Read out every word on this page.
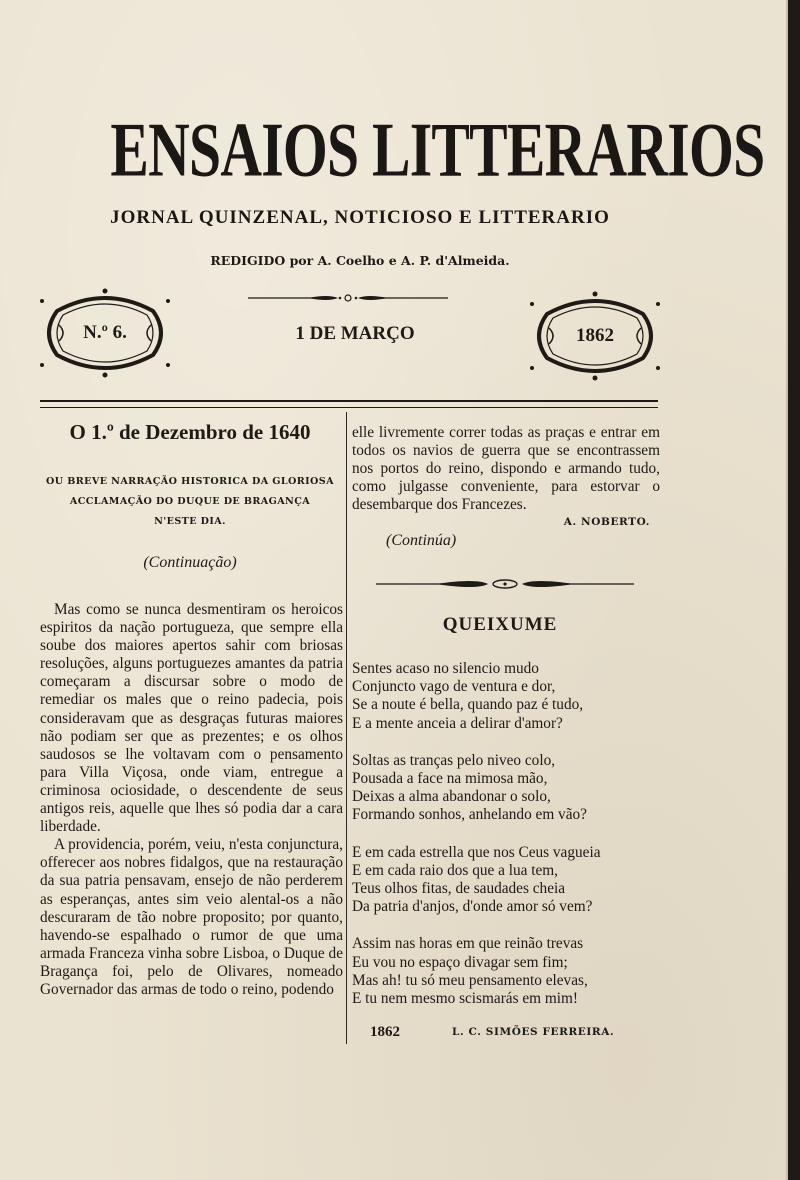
ENSAIOS LITTERARIOS
JORNAL QUINZENAL, NOTICIOSO E LITTERARIO
REDIGIDO por A. Coelho e A. P. d'Almeida.
N.º 6.	1 DE MARÇO	1862
O 1.º de Dezembro de 1640
OU BREVE NARRAÇÃO HISTORICA DA GLORIOSA
ACCLAMAÇÃO DO DUQUE DE BRAGANÇA
N'ESTE DIA.
(Continuação)

Mas como se nunca desmentiram os heroicos espiritos da nação portugueza, que sempre ella soube dos maiores apertos sahir com briosas resoluções, alguns portuguezes amantes da patria começaram a discursar sobre o modo de remediar os males que o reino padecia, pois consideravam que as desgraças futuras maiores não podiam ser que as prezentes; e os olhos saudosos se lhe voltavam com o pensamento para Villa Viçosa, onde viam, entregue a criminosa ociosidade, o descendente de seus antigos reis, aquelle que lhes só podia dar a cara liberdade.

A providencia, porém, veiu, n'esta conjunctura, offerecer aos nobres fidalgos, que na restauração da sua patria pensavam, ensejo de não perderem as esperanças, antes sim veio alental-os a não descuraram de tão nobre proposito; por quanto, havendo-se espalhado o rumor de que uma armada Franceza vinha sobre Lisboa, o Duque de Bragança foi, pelo de Olivares, nomeado Governador das armas de todo o reino, podendo

elle livremente correr todas as praças e entrar em todos os navios de guerra que se encontrassem nos portos do reino, dispondo e armando tudo, como julgasse conveniente, para estorvar o desembarque dos Francezes.
A. NOBERTO.
(Continúa)
QUEIXUME
Sentes acaso no silencio mudo
Conjuncto vago de ventura e dor,
Se a noute é bella, quando paz é tudo,
E a mente anceia a delirar d'amor?
Soltas as tranças pelo niveo colo,
Pousada a face na mimosa mão,
Deixas a alma abandonar o solo,
Formando sonhos, anhelando em vão?
E em cada estrella que nos Ceus vagueia
E em cada raio dos que a lua tem,
Teus olhos fitas, de saudades cheia
Da patria d'anjos, d'onde amor só vem?
Assim nas horas em que reinão trevas
Eu vou no espaço divagar sem fim;
Mas ah! tu só meu pensamento elevas,
E tu nem mesmo scismarás em mim!
1862	L. C. SIMÕES FERREIRA.
